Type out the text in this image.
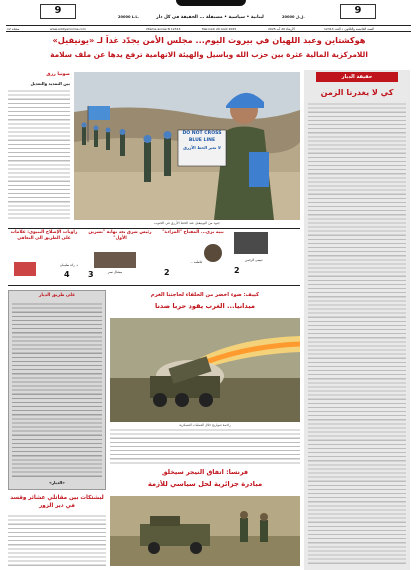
9	9
20000 L.L.	لبنانية • سياسية • مستقلة ... الحقيقة في كل دار	20000 ل.ل.
12 صفحة	www.addiyaronline.com	26ème année N 12313	Mercredi 20 Août 2025	الأربعاء 20 آب 2025	السنة الخامسة والثلاثون • العدد 12313
هوكشتاين وعبد اللهيان في بيروت اليوم... مجلس الأمن يجدّد غداً لـ «يونيفيل»
اللامركزية المالية عثرة بين حزب الله وباسيل والهيئة الاتهامية ترفع يدها عن ملف سلامة
حقيقة الديار
كي لا يغدرنا الزمن
صونيا رزق
بين التمديد والتعديل
DO NOT CROSS
BLUE LINE
لا تعبر الخط الأزرق
جنود من اليونيفيل عند الخط الأزرق في الجنوب
زاويات الإصلاح البنيوي: علامات على الطريق الى التعافي
د. رائد سليمان
4
رئيس شرق بعد نهاية "تشرين الأول"
ميشال نصر
3
نبيه بري... المفتاح "المرادة"
فاطمة ...
2
عيسى الرحمن
2
على طريق الديار
«الديار»
كييف: ضوء أخضر من الحلفاء لحاجتنا الغرم
ميدانيا... الغرب يقود حربا ضدنا
راجمة صواريخ خلال العمليات العسكرية
فرنسا: اتفاق النيجر سيخلق
مبادرة جزائرية لحل سياسي للأزمة
لبشتكات بين مقاتلي عشائر وقسد في دير الزور
